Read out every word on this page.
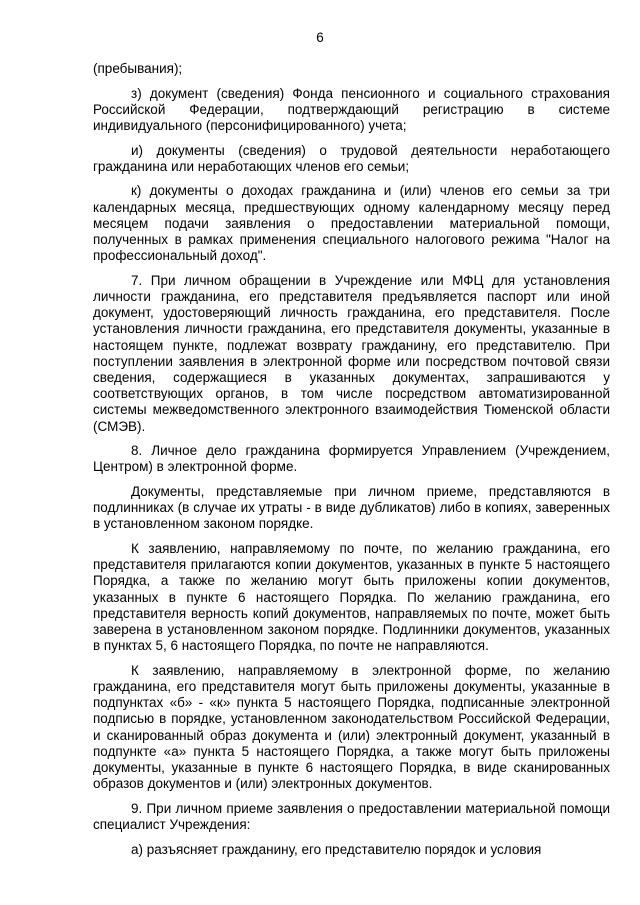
6

(пребывания);

з) документ (сведения) Фонда пенсионного и социального страхования Российской Федерации, подтверждающий регистрацию в системе индивидуального (персонифицированного) учета;

и) документы (сведения) о трудовой деятельности неработающего гражданина или неработающих членов его семьи;

к) документы о доходах гражданина и (или) членов его семьи за три календарных месяца, предшествующих одному календарному месяцу перед месяцем подачи заявления о предоставлении материальной помощи, полученных в рамках применения специального налогового режима "Налог на профессиональный доход".

7. При личном обращении в Учреждение или МФЦ для установления личности гражданина, его представителя предъявляется паспорт или иной документ, удостоверяющий личность гражданина, его представителя. После установления личности гражданина, его представителя документы, указанные в настоящем пункте, подлежат возврату гражданину, его представителю. При поступлении заявления в электронной форме или посредством почтовой связи сведения, содержащиеся в указанных документах, запрашиваются у соответствующих органов, в том числе посредством автоматизированной системы межведомственного электронного взаимодействия Тюменской области (СМЭВ).

8. Личное дело гражданина формируется Управлением (Учреждением, Центром) в электронной форме.

Документы, представляемые при личном приеме, представляются в подлинниках (в случае их утраты - в виде дубликатов) либо в копиях, заверенных в установленном законом порядке.

К заявлению, направляемому по почте, по желанию гражданина, его представителя прилагаются копии документов, указанных в пункте 5 настоящего Порядка, а также по желанию могут быть приложены копии документов, указанных в пункте 6 настоящего Порядка. По желанию гражданина, его представителя верность копий документов, направляемых по почте, может быть заверена в установленном законом порядке. Подлинники документов, указанных в пунктах 5, 6 настоящего Порядка, по почте не направляются.

К заявлению, направляемому в электронной форме, по желанию гражданина, его представителя могут быть приложены документы, указанные в подпунктах «б» - «к» пункта 5 настоящего Порядка, подписанные электронной подписью в порядке, установленном законодательством Российской Федерации, и сканированный образ документа и (или) электронный документ, указанный в подпункте «а» пункта 5 настоящего Порядка, а также могут быть приложены документы, указанные в пункте 6 настоящего Порядка, в виде сканированных образов документов и (или) электронных документов.

9. При личном приеме заявления о предоставлении материальной помощи специалист Учреждения:

а) разъясняет гражданину, его представителю порядок и условия
